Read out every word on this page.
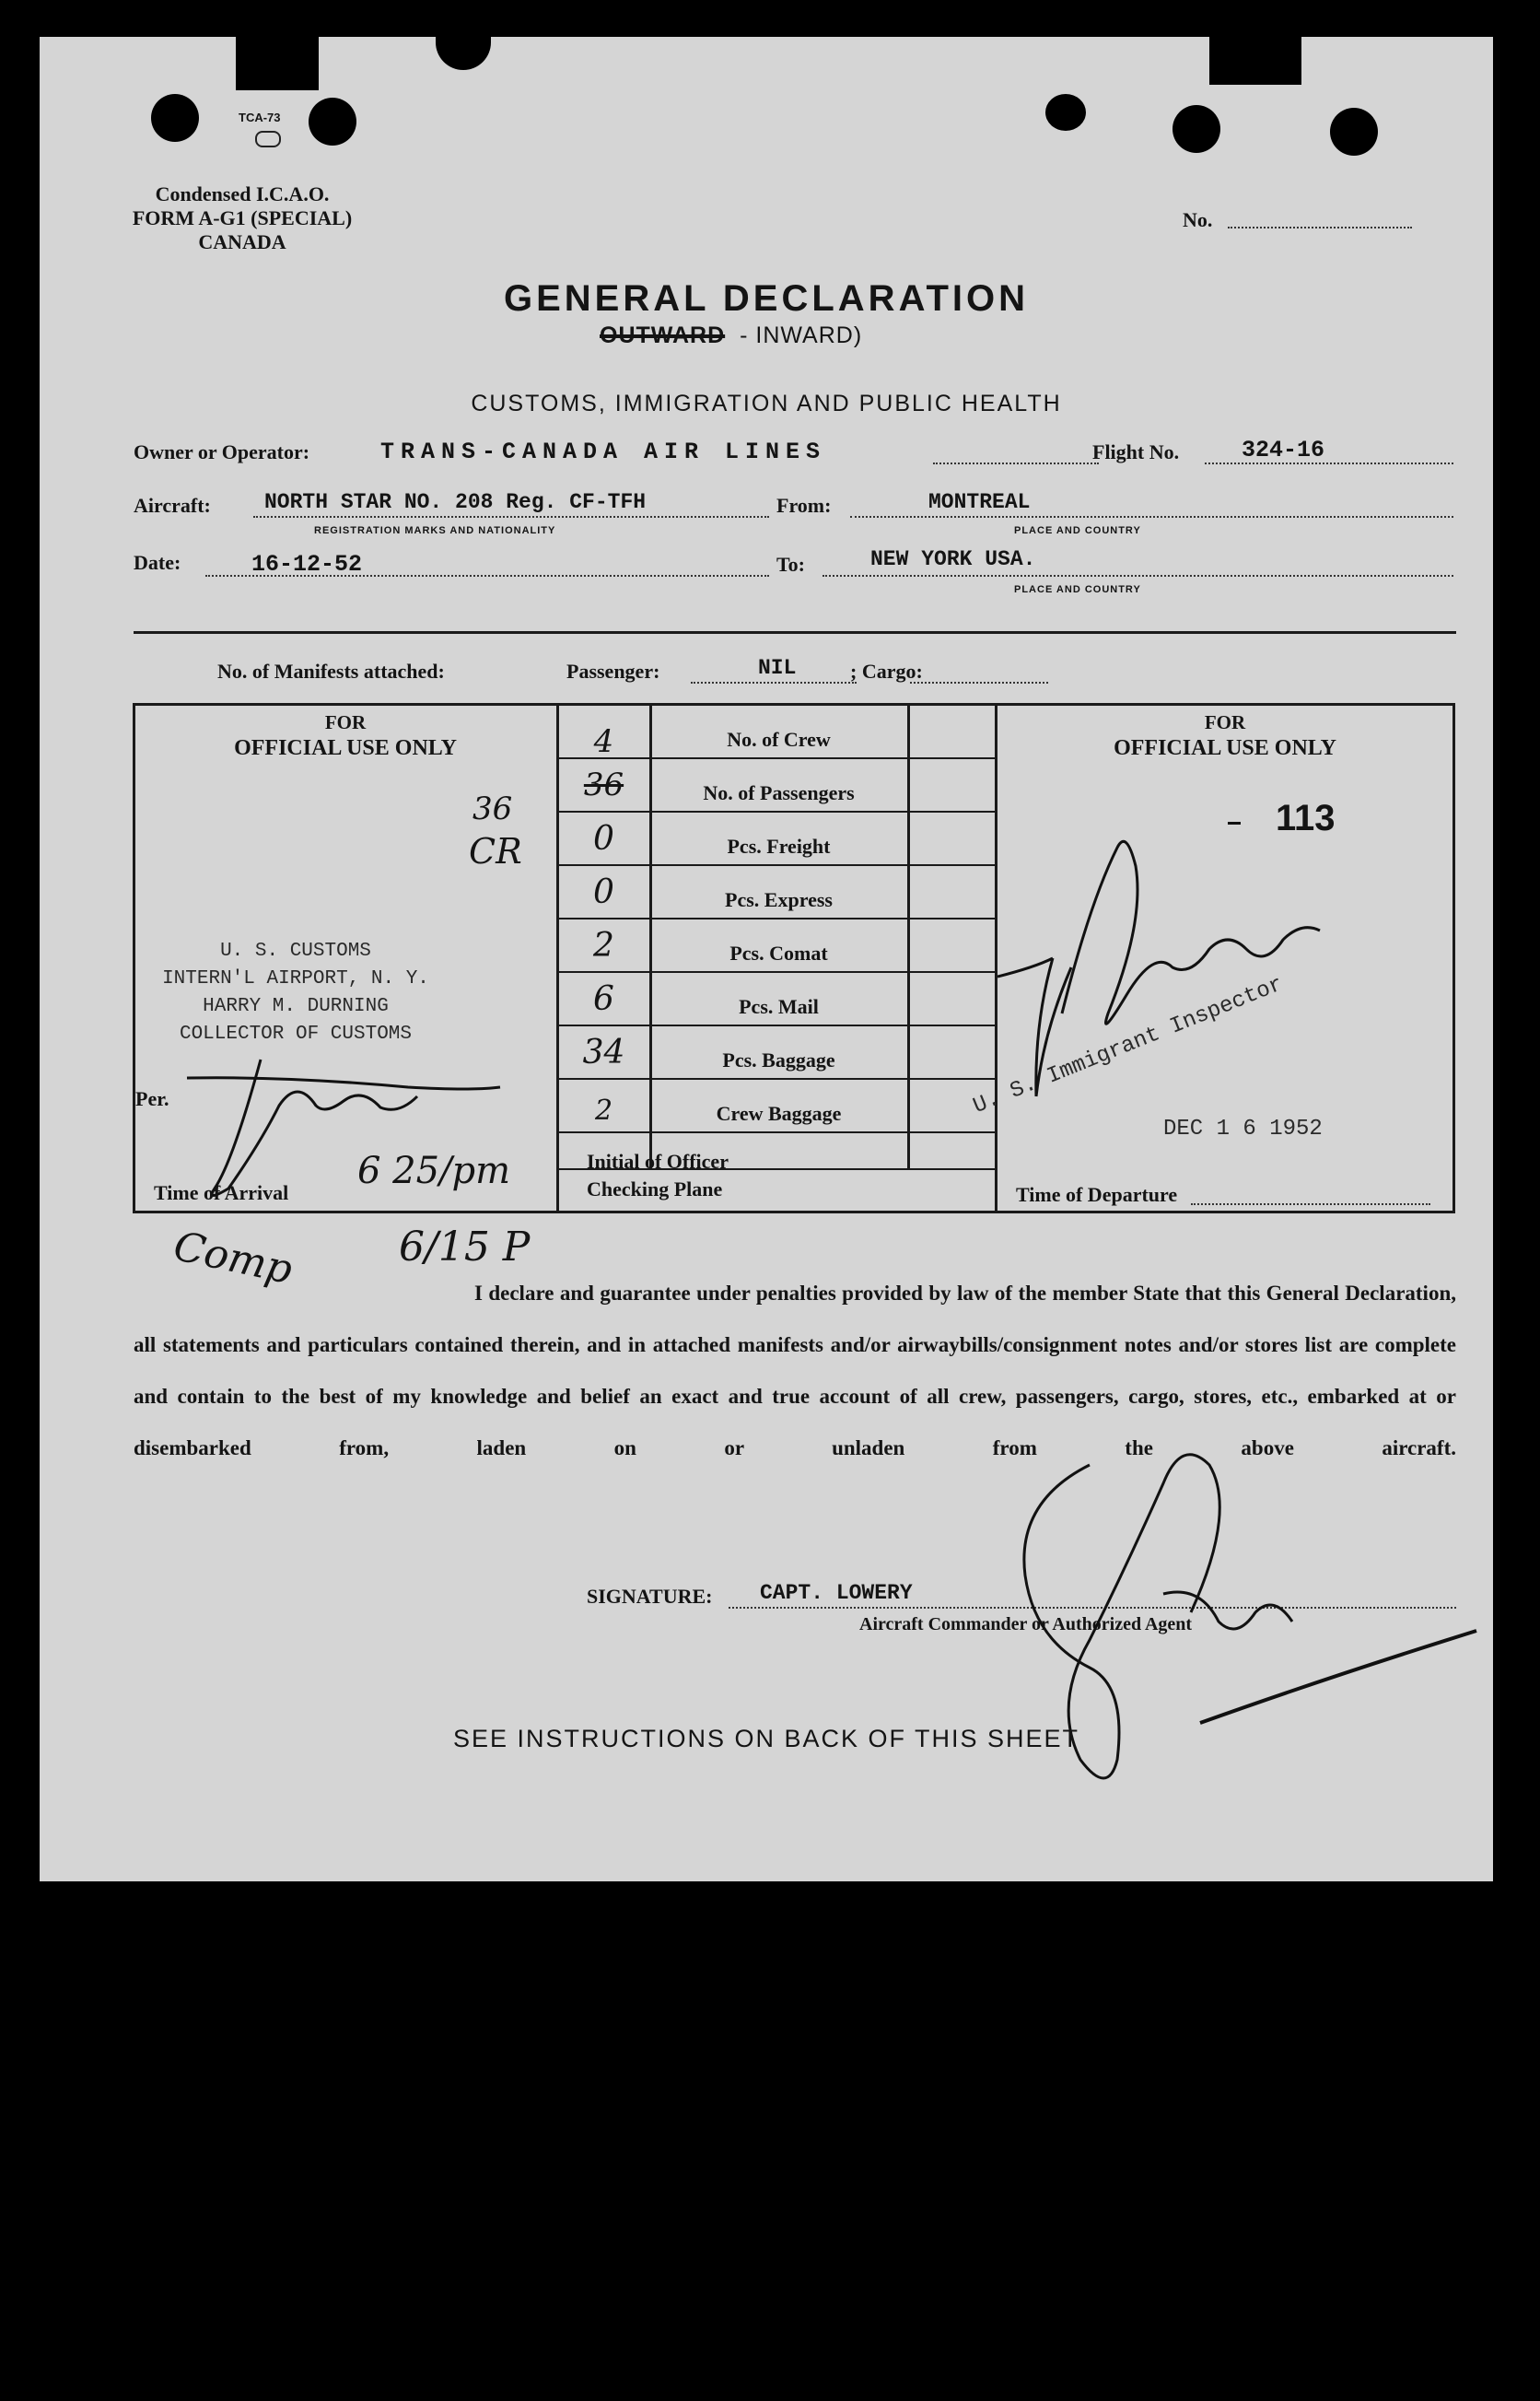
TCA-73
Condensed I.C.A.O.
FORM A-G1 (SPECIAL)
CANADA
No.
GENERAL DECLARATION
OUTWARD - INWARD)
CUSTOMS, IMMIGRATION AND PUBLIC HEALTH
Owner or Operator:	TRANS-CANADA AIR LINES	Flight No.	324-16
Aircraft:	NORTH STAR NO. 208 Reg. CF-TFH
REGISTRATION MARKS AND NATIONALITY
From:	MONTREAL
PLACE AND COUNTRY
Date:	16-12-52	To:	NEW YORK USA.
PLACE AND COUNTRY
No. of Manifests attached:	Passenger:	NIL	; Cargo:
FOR
OFFICIAL USE ONLY
FOR
OFFICIAL USE ONLY
4	No. of Crew
36	No. of Passengers
0	Pcs. Freight
0	Pcs. Express
2	Pcs. Comat
6	Pcs. Mail
34	Pcs. Baggage
2	Crew Baggage
Initial of Officer
Checking Plane
36
CR
U. S. CUSTOMS
INTERN'L AIRPORT, N. Y.
HARRY M. DURNING
COLLECTOR OF CUSTOMS
Per.
Time of Arrival
6 25/pm
113
U. S. Immigrant Inspector
DEC 1 6 1952
Time of Departure
Comp	6/15 P
I declare and guarantee under penalties provided by law of the member State that this General Declaration, all statements and particulars contained therein, and in attached manifests and/or airwaybills/consignment notes and/or stores list are complete and contain to the best of my knowledge and belief an exact and true account of all crew, passengers, cargo, stores, etc., embarked at or disembarked from, laden on or unladen from the above aircraft.
SIGNATURE: CAPT. LOWERY
Aircraft Commander or Authorized Agent
SEE INSTRUCTIONS ON BACK OF THIS SHEET
